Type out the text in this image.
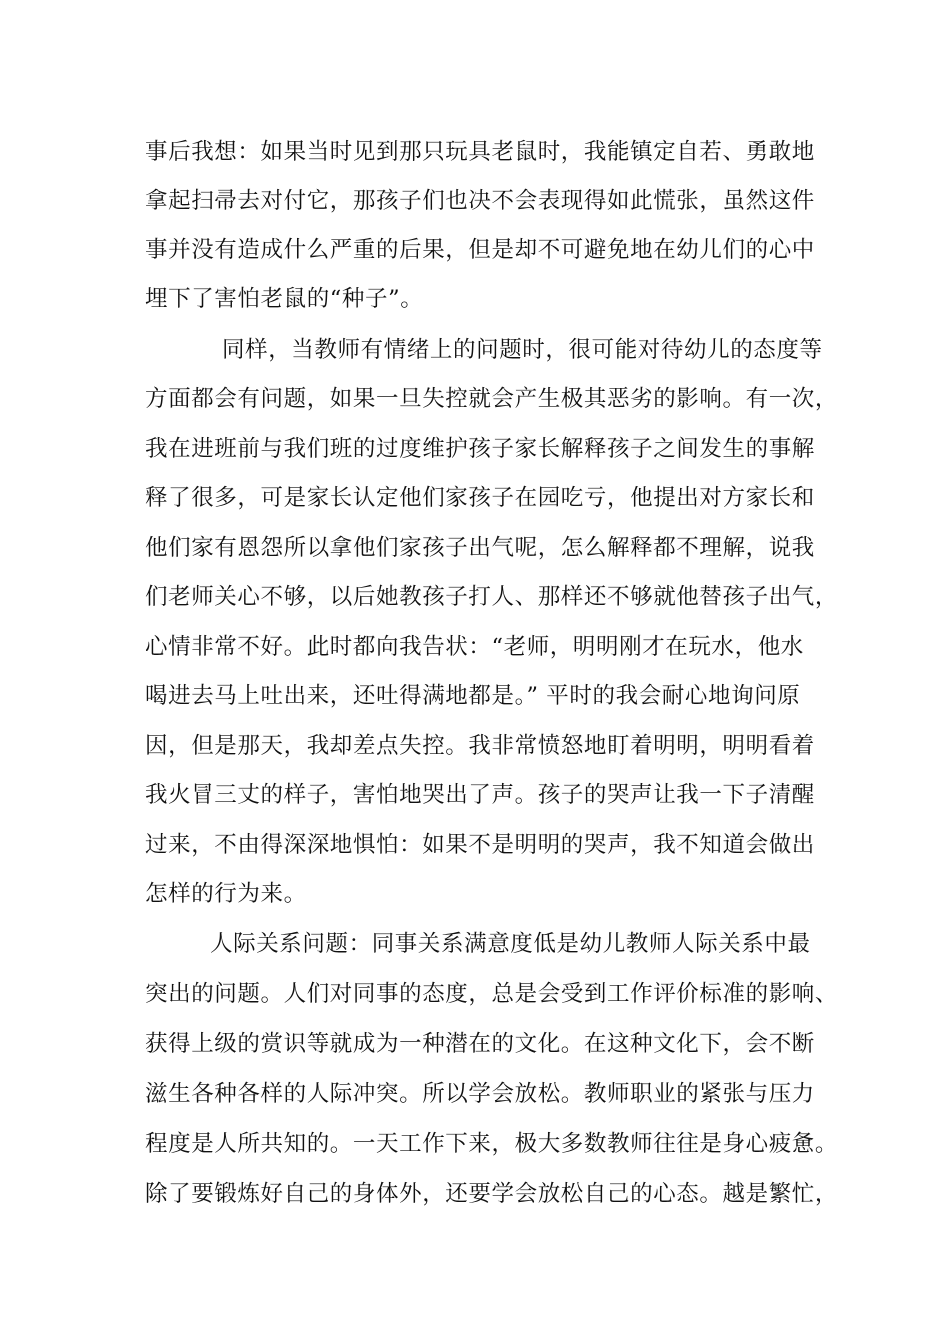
事后我想：如果当时见到那只玩具老鼠时，我能镇定自若、勇敢地
拿起扫帚去对付它，那孩子们也决不会表现得如此慌张，虽然这件
事并没有造成什么严重的后果，但是却不可避免地在幼儿们的心中
埋下了害怕老鼠的“种子”。
同样，当教师有情绪上的问题时，很可能对待幼儿的态度等
方面都会有问题，如果一旦失控就会产生极其恶劣的影响。有一次，
我在进班前与我们班的过度维护孩子家长解释孩子之间发生的事解
释了很多，可是家长认定他们家孩子在园吃亏，他提出对方家长和
他们家有恩怨所以拿他们家孩子出气呢，怎么解释都不理解，说我
们老师关心不够，以后她教孩子打人、那样还不够就他替孩子出气，
心情非常不好。此时都向我告状：“老师，明明刚才在玩水，他水
喝进去马上吐出来，还吐得满地都是。” 平时的我会耐心地询问原
因，但是那天，我却差点失控。我非常愤怒地盯着明明，明明看着
我火冒三丈的样子，害怕地哭出了声。孩子的哭声让我一下子清醒
过来，不由得深深地惧怕：如果不是明明的哭声，我不知道会做出
怎样的行为来。
人际关系问题：同事关系满意度低是幼儿教师人际关系中最
突出的问题。人们对同事的态度，总是会受到工作评价标准的影响、
获得上级的赏识等就成为一种潜在的文化。在这种文化下，会不断
滋生各种各样的人际冲突。所以学会放松。教师职业的紧张与压力
程度是人所共知的。一天工作下来，极大多数教师往往是身心疲惫。
除了要锻炼好自己的身体外，还要学会放松自己的心态。越是繁忙，
